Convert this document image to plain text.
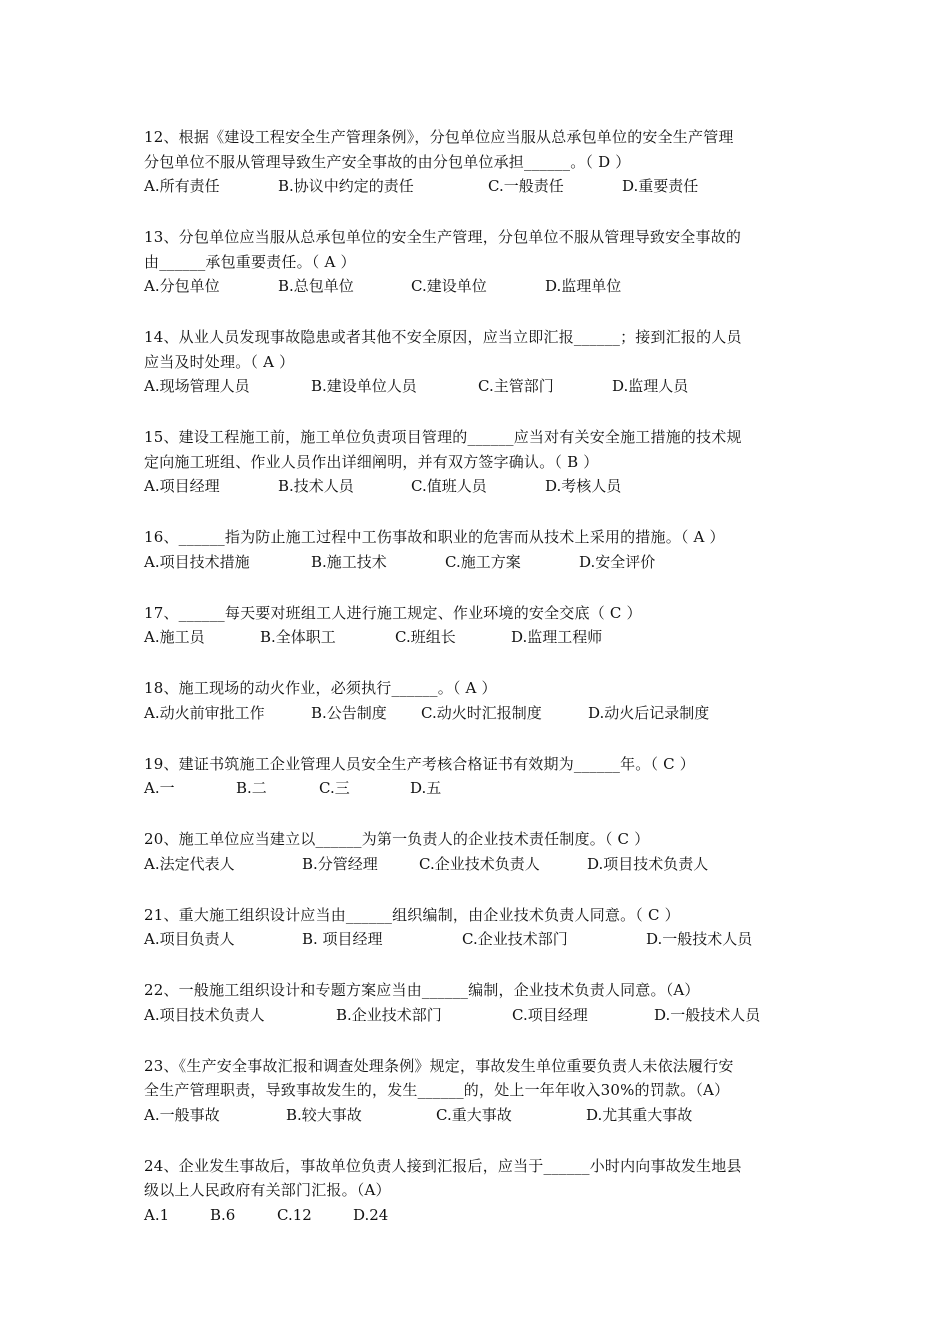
12、根据《建设工程安全生产管理条例》，分包单位应当服从总承包单位的安全生产管理
分包单位不服从管理导致生产安全事故的由分包单位承担______。（ D ）
A.所有责任	B.协议中约定的责任	C.一般责任	D.重要责任
13、分包单位应当服从总承包单位的安全生产管理，分包单位不服从管理导致安全事故的
由______承包重要责任。（ A ）
A.分包单位	B.总包单位	C.建设单位	D.监理单位
14、从业人员发现事故隐患或者其他不安全原因，应当立即汇报______；接到汇报的人员
应当及时处理。（ A ）
A.现场管理人员	B.建设单位人员	C.主管部门	D.监理人员
15、建设工程施工前，施工单位负责项目管理的______应当对有关安全施工措施的技术规
定向施工班组、作业人员作出详细阐明，并有双方签字确认。（ B ）
A.项目经理	B.技术人员	C.值班人员	D.考核人员
16、______指为防止施工过程中工伤事故和职业的危害而从技术上采用的措施。（ A ）
A.项目技术措施	B.施工技术	C.施工方案	D.安全评价
17、______每天要对班组工人进行施工规定、作业环境的安全交底（ C ）
A.施工员	B.全体职工	C.班组长	D.监理工程师
18、施工现场的动火作业，必须执行______。（ A ）
A.动火前审批工作	B.公告制度	C.动火时汇报制度	D.动火后记录制度
19、建证书筑施工企业管理人员安全生产考核合格证书有效期为______年。（ C ）
A.一	B.二	C.三	D.五
20、施工单位应当建立以______为第一负责人的企业技术责任制度。（ C ）
A.法定代表人	B.分管经理	C.企业技术负责人	D.项目技术负责人
21、重大施工组织设计应当由______组织编制，由企业技术负责人同意。（ C ）
A.项目负责人	B. 项目经理	C.企业技术部门	D.一般技术人员
22、一般施工组织设计和专题方案应当由______编制，企业技术负责人同意。（A）
A.项目技术负责人	B.企业技术部门	C.项目经理	D.一般技术人员
23、《生产安全事故汇报和调查处理条例》规定，事故发生单位重要负责人未依法履行安
全生产管理职责，导致事故发生的，发生______的，处上一年年收入30%的罚款。（A）
A.一般事故	B.较大事故	C.重大事故	D.尤其重大事故
24、企业发生事故后，事故单位负责人接到汇报后，应当于______小时内向事故发生地县
级以上人民政府有关部门汇报。（A）
A.1	B.6	C.12	D.24
